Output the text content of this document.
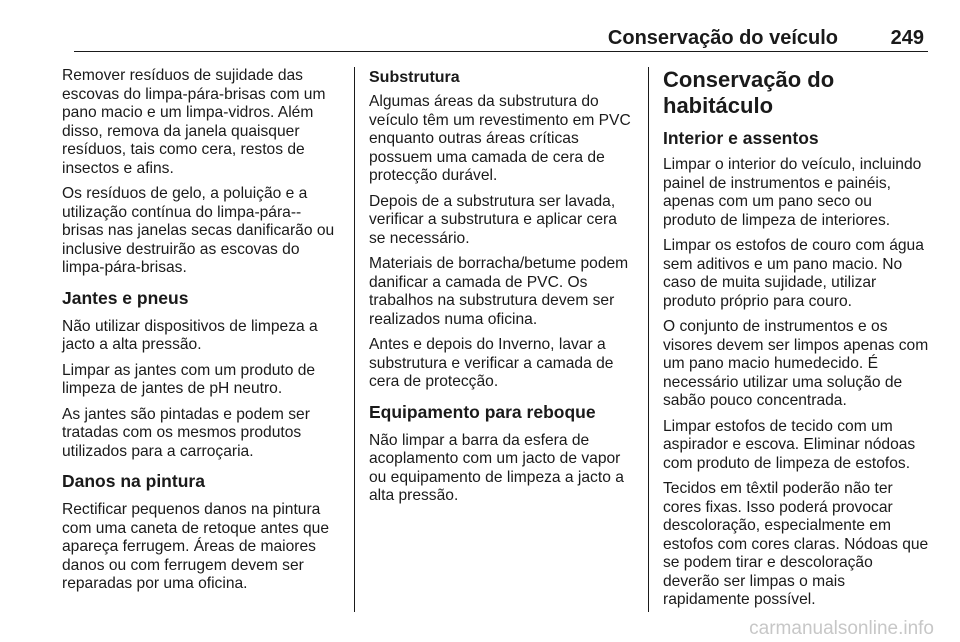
Conservação do veículo	249

Remover resíduos de sujidade das escovas do limpa-pára-brisas com um pano macio e um limpa-vidros. Além disso, remova da janela quaisquer resíduos, tais como cera, restos de insectos e afins.

Os resíduos de gelo, a poluição e a utilização contínua do limpa-pára--brisas nas janelas secas danificarão ou inclusive destruirão as escovas do limpa-pára-brisas.

Jantes e pneus

Não utilizar dispositivos de limpeza a jacto a alta pressão.

Limpar as jantes com um produto de limpeza de jantes de pH neutro.

As jantes são pintadas e podem ser tratadas com os mesmos produtos utilizados para a carroçaria.

Danos na pintura

Rectificar pequenos danos na pintura com uma caneta de retoque antes que apareça ferrugem. Áreas de maiores danos ou com ferrugem devem ser reparadas por uma oficina.

Substrutura

Algumas áreas da substrutura do veículo têm um revestimento em PVC enquanto outras áreas críticas possuem uma camada de cera de protecção durável.

Depois de a substrutura ser lavada, verificar a substrutura e aplicar cera se necessário.

Materiais de borracha/betume podem danificar a camada de PVC. Os trabalhos na substrutura devem ser realizados numa oficina.

Antes e depois do Inverno, lavar a substrutura e verificar a camada de cera de protecção.

Equipamento para reboque

Não limpar a barra da esfera de acoplamento com um jacto de vapor ou equipamento de limpeza a jacto a alta pressão.

Conservação do habitáculo
Interior e assentos

Limpar o interior do veículo, incluindo painel de instrumentos e painéis, apenas com um pano seco ou produto de limpeza de interiores.

Limpar os estofos de couro com água sem aditivos e um pano macio. No caso de muita sujidade, utilizar produto próprio para couro.

O conjunto de instrumentos e os visores devem ser limpos apenas com um pano macio humedecido. É necessário utilizar uma solução de sabão pouco concentrada.

Limpar estofos de tecido com um aspirador e escova. Eliminar nódoas com produto de limpeza de estofos.

Tecidos em têxtil poderão não ter cores fixas. Isso poderá provocar descoloração, especialmente em estofos com cores claras. Nódoas que se podem tirar e descoloração deverão ser limpas o mais rapidamente possível.

carmanualsonline.info
